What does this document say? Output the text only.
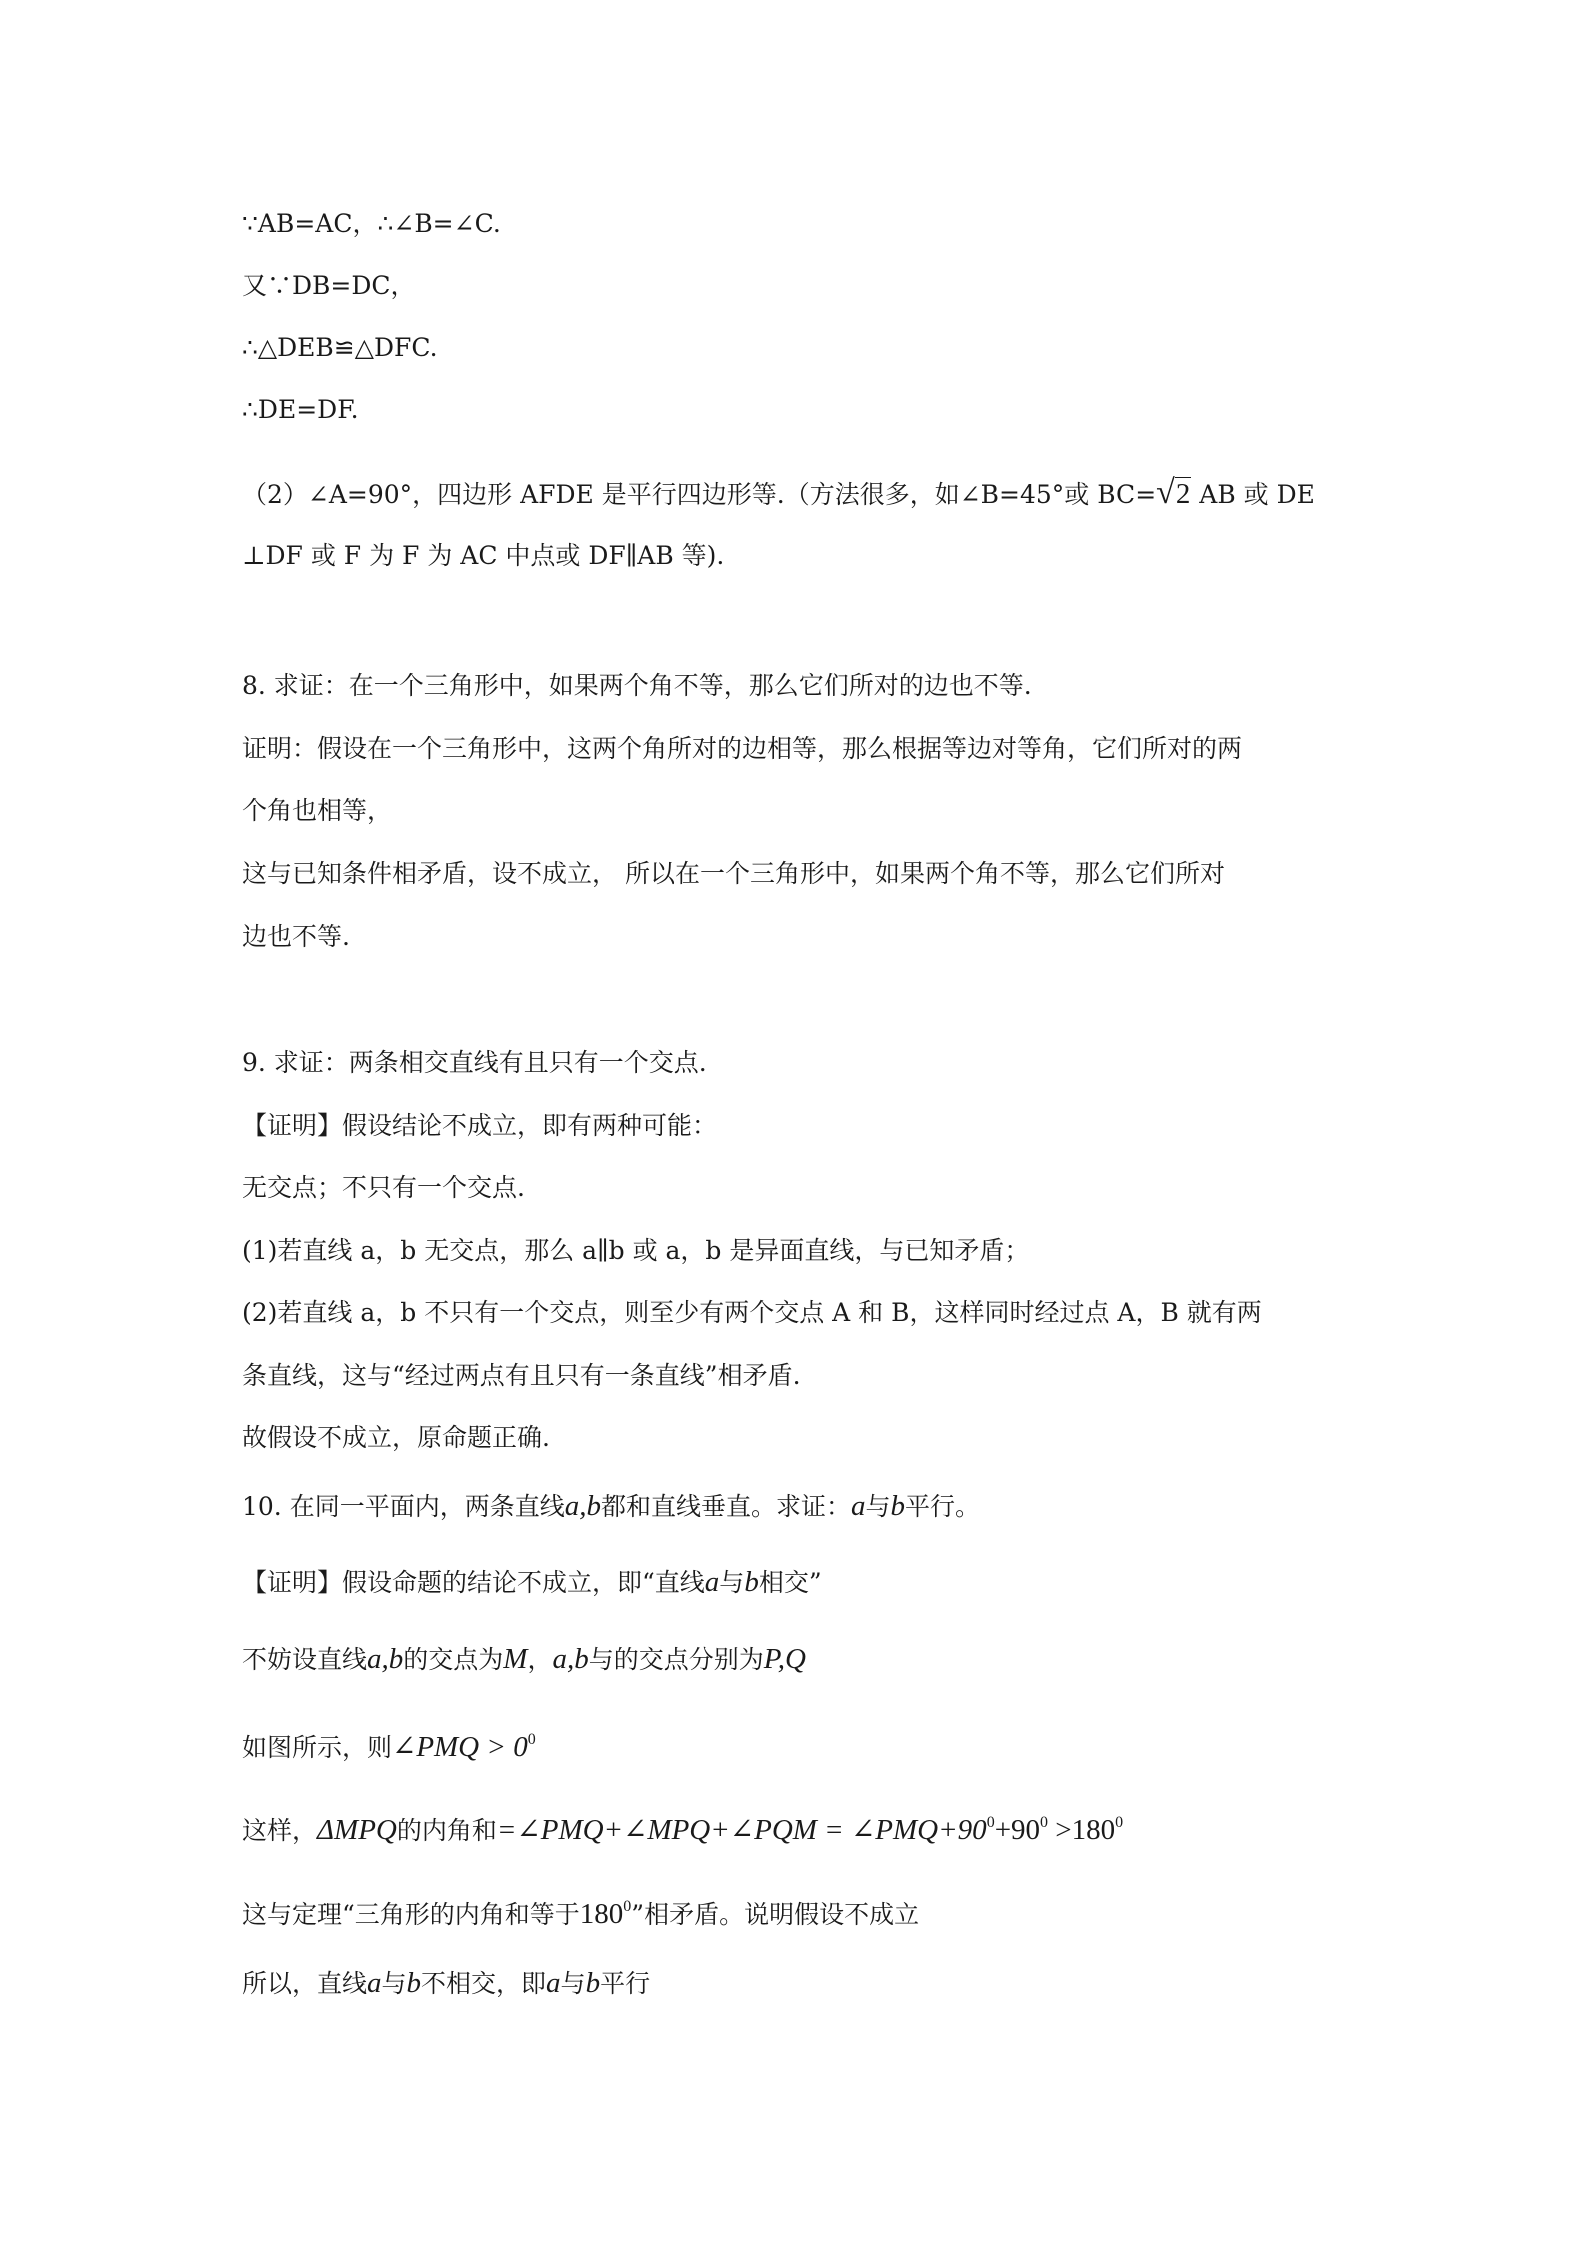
∵AB=AC，∴∠B=∠C.
又∵DB=DC，
∴△DEB≌△DFC.
∴DE=DF.
（2）∠A=90°，四边形 AFDE 是平行四边形等.（方法很多，如∠B=45°或 BC=√2 AB 或 DE
⊥DF 或 F 为 F 为 AC 中点或 DF∥AB 等).
8. 求证：在一个三角形中，如果两个角不等，那么它们所对的边也不等.
证明：假设在一个三角形中，这两个角所对的边相等，那么根据等边对等角，它们所对的两
个角也相等，
这与已知条件相矛盾，设不成立， 所以在一个三角形中，如果两个角不等，那么它们所对
边也不等.
9. 求证：两条相交直线有且只有一个交点.
【证明】假设结论不成立，即有两种可能：
无交点；不只有一个交点.
(1)若直线 a，b 无交点，那么 a∥b 或 a，b 是异面直线，与已知矛盾；
(2)若直线 a，b 不只有一个交点，则至少有两个交点 A 和 B，这样同时经过点 A，B 就有两
条直线，这与“经过两点有且只有一条直线”相矛盾.
故假设不成立，原命题正确.
10. 在同一平面内，两条直线a,b都和直线垂直。求证：a与b平行。
【证明】假设命题的结论不成立，即“直线a与b相交”
不妨设直线a,b的交点为M，a,b与的交点分别为P,Q
如图所示，则∠PMQ > $0^0$
这样，ΔMPQ的内角和=∠PMQ+∠MPQ+∠PQM = $\angle PMQ+90^0+90^0 >180^0$
这与定理“三角形的内角和等于$180^0$”相矛盾。说明假设不成立
所以，直线a与b不相交，即a与b平行
